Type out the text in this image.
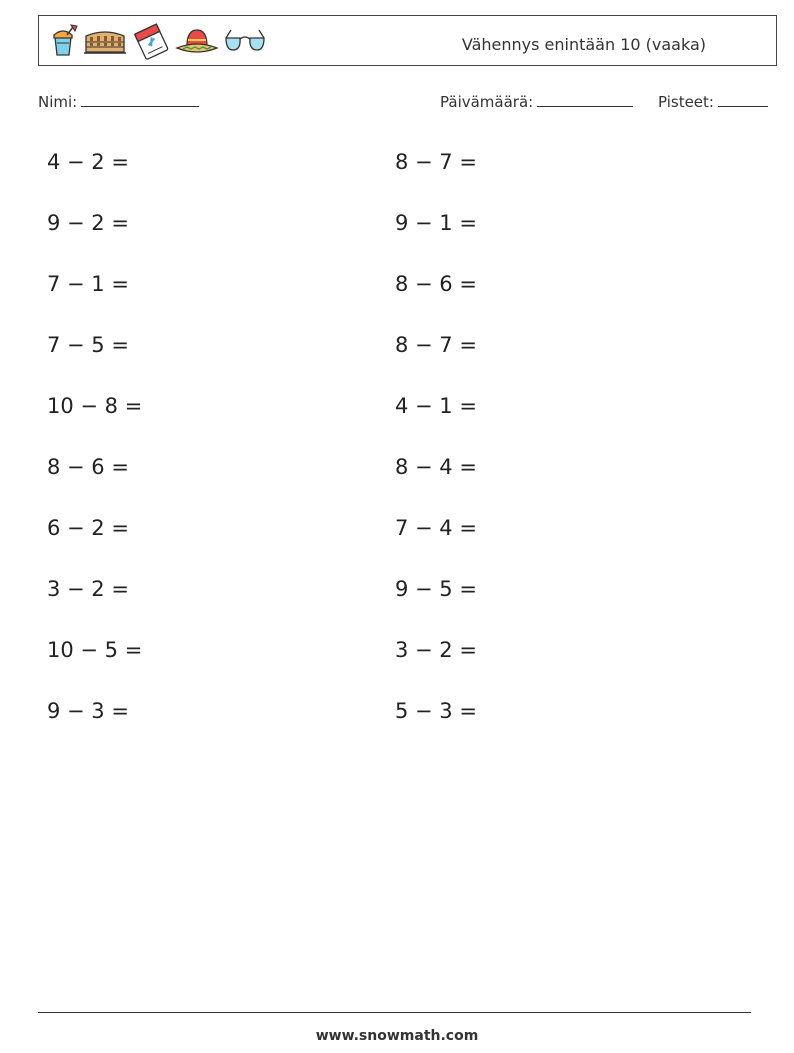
Vähennys enintään 10 (vaaka)
Nimi:	Päivämäärä:	Pisteet:
4 − 2 =
9 − 2 =
7 − 1 =
7 − 5 =
10 − 8 =
8 − 6 =
6 − 2 =
3 − 2 =
10 − 5 =
9 − 3 =
8 − 7 =
9 − 1 =
8 − 6 =
8 − 7 =
4 − 1 =
8 − 4 =
7 − 4 =
9 − 5 =
3 − 2 =
5 − 3 =
www.snowmath.com
